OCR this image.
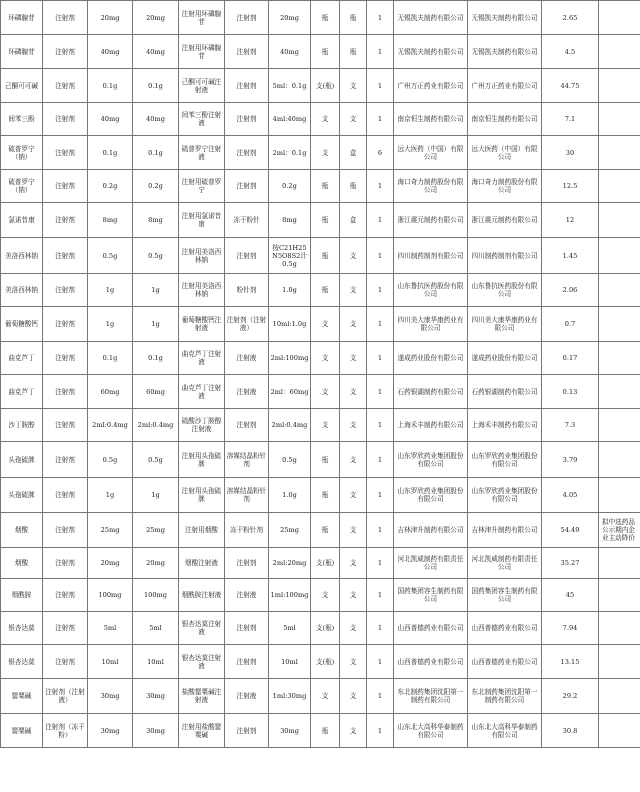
环磷腺苷	注射剂	20mg	20mg	注射用环磷腺苷	注射剂	20mg	瓶	瓶	1	无锡凯夫制药有限公司	无锡凯夫制药有限公司	2.65	
环磷腺苷	注射剂	40mg	40mg	注射用环磷腺苷	注射剂	40mg	瓶	瓶	1	无锡凯夫制药有限公司	无锡凯夫制药有限公司	4.5	
己酮可可碱	注射剂	0.1g	0.1g	己酮可可碱注射液	注射剂	5ml：0.1g	支(瓶)	支	1	广州万正药业有限公司	广州万正药业有限公司	44.75	
间苯三酚	注射剂	40mg	40mg	间苯三酚注射液	注射剂	4ml:40mg	支	支	1	南京恒生制药有限公司	南京恒生制药有限公司	7.1	
硫普罗宁（钠）	注射剂	0.1g	0.1g	硫普罗宁注射液	注射剂	2ml：0.1g	支	盒	6	远大医药（中国）有限公司	远大医药（中国）有限公司	30	
硫普罗宁（钠）	注射剂	0.2g	0.2g	注射用硫普罗宁	注射剂	0.2g	瓶	瓶	1	海口奇力制药股份有限公司	海口奇力制药股份有限公司	12.5	
氯诺昔康	注射剂	8mg	8mg	注射用氯诺昔康	冻干粉针	8mg	瓶	盒	1	浙江震元制药有限公司	浙江震元制药有限公司	12	
美洛西林钠	注射剂	0.5g	0.5g	注射用美洛西林钠	注射剂	按C21H25N5O8S2计0.5g	瓶	支	1	四川制药制剂有限公司	四川制药制剂有限公司	1.45	
美洛西林钠	注射剂	1g	1g	注射用美洛西林钠	粉针剂	1.0g	瓶	支	1	山东鲁抗医药股份有限公司	山东鲁抗医药股份有限公司	2.06	
葡萄糖酸钙	注射剂	1g	1g	葡萄糖酸钙注射液	注射剂（注射液）	10ml:1.0g	支	支	1	四川美大康华康药业有限公司	四川美大康华康药业有限公司	0.7	
曲克芦丁	注射剂	0.1g	0.1g	曲克芦丁注射液	注射液	2ml:100mg	支	支	1	遂成药业股份有限公司	遂成药业股份有限公司	0.17	
曲克芦丁	注射剂	60mg	60mg	曲克芦丁注射液	注射液	2ml：60mg	支	支	1	石药银湖制药有限公司	石药银湖制药有限公司	0.13	
沙丁胺醇	注射剂	2ml:0.4mg	2ml:0.4mg	硫酸沙丁胺醇注射液	注射剂	2ml:0.4mg	支	支	1	上海禾丰制药有限公司	上海禾丰制药有限公司	7.3	
头孢硫脒	注射剂	0.5g	0.5g	注射用头孢硫脒	溶媒结晶粉针剂	0.5g	瓶	支	1	山东罗欣药业集团股份有限公司	山东罗欣药业集团股份有限公司	3.79	
头孢硫脒	注射剂	1g	1g	注射用头孢硫脒	溶媒结晶粉针剂	1.0g	瓶	支	1	山东罗欣药业集团股份有限公司	山东罗欣药业集团股份有限公司	4.05	
烟酸	注射剂	25mg	25mg	注射用烟酸	冻干粉针剂	25mg	瓶	支	1	吉林津升制药有限公司	吉林津升制药有限公司	54.49	拟中选药品公示期内企业主动降价
烟酸	注射剂	20mg	20mg	烟酸注射液	注射剂	2ml:20mg	支(瓶)	支	1	河北凯威制药有限责任公司	河北凯威制药有限责任公司	35.27	
烟酰胺	注射剂	100mg	100mg	烟酰胺注射液	注射液	1ml:100mg	支	支	1	国药集团容生制药有限公司	国药集团容生制药有限公司	45	
银杏达莫	注射剂	5ml	5ml	银杏达莫注射液	注射剂	5ml	支(瓶)	支	1	山西普德药业有限公司	山西普德药业有限公司	7.94	
银杏达莫	注射剂	10ml	10ml	银杏达莫注射液	注射剂	10ml	支(瓶)	支	1	山西普德药业有限公司	山西普德药业有限公司	13.15	
罂粟碱	注射剂（注射液）	30mg	30mg	盐酸罂粟碱注射液	注射液	1ml:30mg	支	支	1	东北制药集团沈阳第一制药有限公司	东北制药集团沈阳第一制药有限公司	29.2	
罂粟碱	注射剂（冻干粉）	30mg	30mg	注射用盐酸罂粟碱	注射剂	30mg	瓶	支	1	山东北大高科华泰制药有限公司	山东北大高科华泰制药有限公司	30.8	
